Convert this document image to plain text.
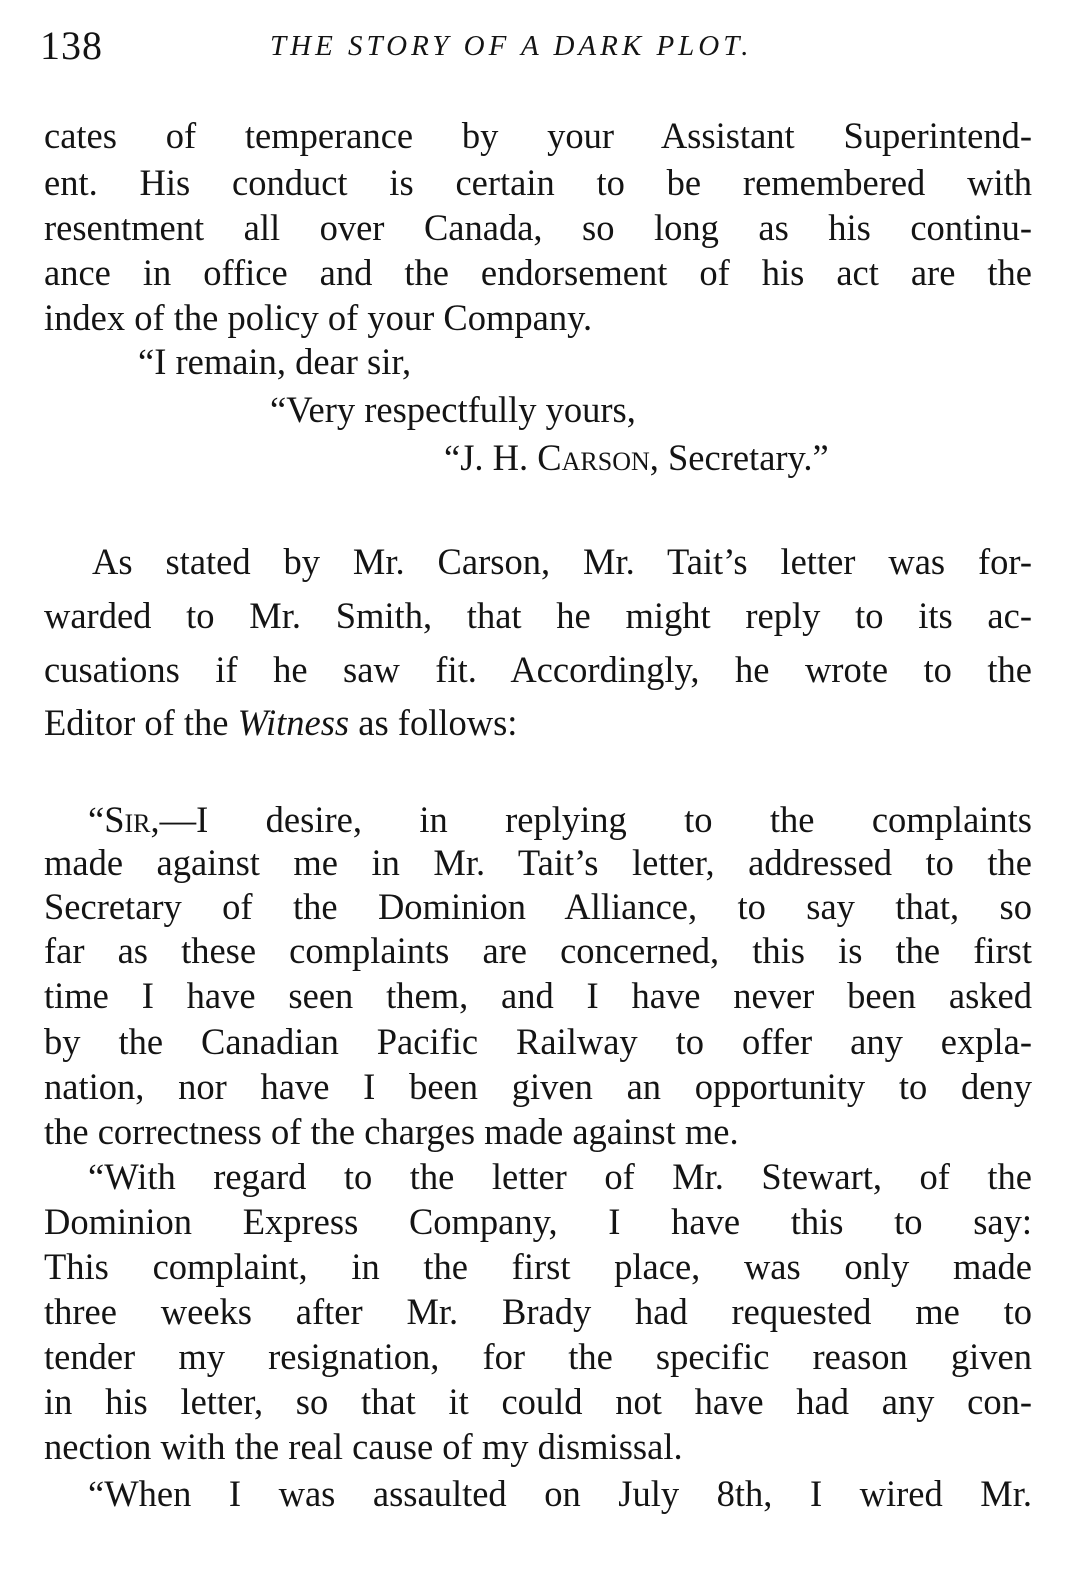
138	THE STORY OF A DARK PLOT.
cates of temperance by your Assistant Superintend-
ent. His conduct is certain to be remembered with
resentment all over Canada, so long as his continu-
ance in office and the endorsement of his act are the
index of the policy of your Company.
“I remain, dear sir,
“Very respectfully yours,
“J. H. Carson, Secretary.”
As stated by Mr. Carson, Mr. Tait’s letter was for-
warded to Mr. Smith, that he might reply to its ac-
cusations if he saw fit. Accordingly, he wrote to the
Editor of the Witness as follows:
“ Sir ,—I desire, in replying to the complaints
made against me in Mr. Tait’s letter, addressed to the
Secretary of the Dominion Alliance, to say that, so
far as these complaints are concerned, this is the first
time I have seen them, and I have never been asked
by the Canadian Pacific Railway to offer any expla-
nation, nor have I been given an opportunity to deny
the correctness of the charges made against me.
“With regard to the letter of Mr. Stewart, of the
Dominion Express Company, I have this to say:
This complaint, in the first place, was only made
three weeks after Mr. Brady had requested me to
tender my resignation, for the specific reason given
in his letter, so that it could not have had any con-
nection with the real cause of my dismissal.
“When I was assaulted on July 8th, I wired Mr.
